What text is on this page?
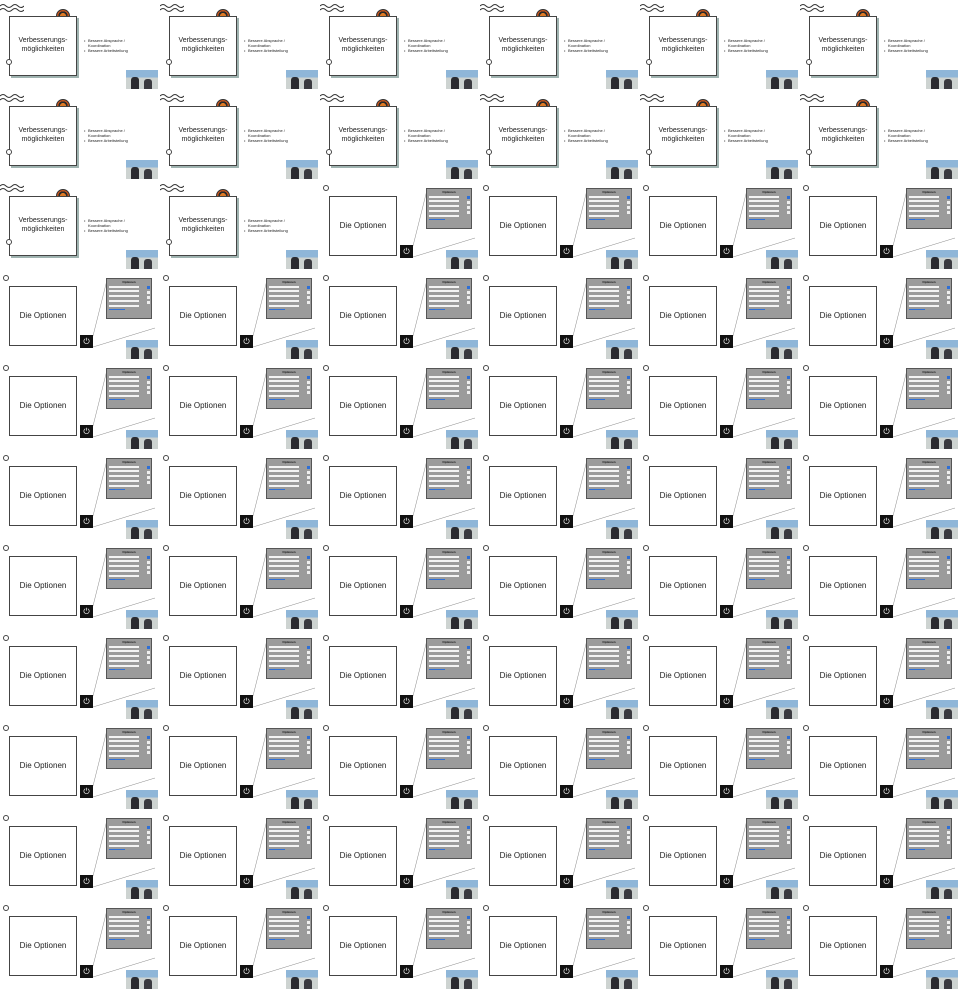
Verbesserungs-
möglichkeiten
• Bessere Absprache / Koordination
• Bessere Arbeitsteilung
Verbesserungs-
möglichkeiten
• Bessere Absprache / Koordination
• Bessere Arbeitsteilung
Verbesserungs-
möglichkeiten
• Bessere Absprache / Koordination
• Bessere Arbeitsteilung
Verbesserungs-
möglichkeiten
• Bessere Absprache / Koordination
• Bessere Arbeitsteilung
Verbesserungs-
möglichkeiten
• Bessere Absprache / Koordination
• Bessere Arbeitsteilung
Verbesserungs-
möglichkeiten
• Bessere Absprache / Koordination
• Bessere Arbeitsteilung
Verbesserungs-
möglichkeiten
• Bessere Absprache / Koordination
• Bessere Arbeitsteilung
Verbesserungs-
möglichkeiten
• Bessere Absprache / Koordination
• Bessere Arbeitsteilung
Verbesserungs-
möglichkeiten
• Bessere Absprache / Koordination
• Bessere Arbeitsteilung
Verbesserungs-
möglichkeiten
• Bessere Absprache / Koordination
• Bessere Arbeitsteilung
Verbesserungs-
möglichkeiten
• Bessere Absprache / Koordination
• Bessere Arbeitsteilung
Verbesserungs-
möglichkeiten
• Bessere Absprache / Koordination
• Bessere Arbeitsteilung
Verbesserungs-
möglichkeiten
• Bessere Absprache / Koordination
• Bessere Arbeitsteilung
Verbesserungs-
möglichkeiten
• Bessere Absprache / Koordination
• Bessere Arbeitsteilung
Die Optionen
Optionen
⏻
Die Optionen
Optionen
⏻
Die Optionen
Optionen
⏻
Die Optionen
Optionen
⏻
Die Optionen
Optionen
⏻
Die Optionen
Optionen
⏻
Die Optionen
Optionen
⏻
Die Optionen
Optionen
⏻
Die Optionen
Optionen
⏻
Die Optionen
Optionen
⏻
Die Optionen
Optionen
⏻
Die Optionen
Optionen
⏻
Die Optionen
Optionen
⏻
Die Optionen
Optionen
⏻
Die Optionen
Optionen
⏻
Die Optionen
Optionen
⏻
Die Optionen
Optionen
⏻
Die Optionen
Optionen
⏻
Die Optionen
Optionen
⏻
Die Optionen
Optionen
⏻
Die Optionen
Optionen
⏻
Die Optionen
Optionen
⏻
Die Optionen
Optionen
⏻
Die Optionen
Optionen
⏻
Die Optionen
Optionen
⏻
Die Optionen
Optionen
⏻
Die Optionen
Optionen
⏻
Die Optionen
Optionen
⏻
Die Optionen
Optionen
⏻
Die Optionen
Optionen
⏻
Die Optionen
Optionen
⏻
Die Optionen
Optionen
⏻
Die Optionen
Optionen
⏻
Die Optionen
Optionen
⏻
Die Optionen
Optionen
⏻
Die Optionen
Optionen
⏻
Die Optionen
Optionen
⏻
Die Optionen
Optionen
⏻
Die Optionen
Optionen
⏻
Die Optionen
Optionen
⏻
Die Optionen
Optionen
⏻
Die Optionen
Optionen
⏻
Die Optionen
Optionen
⏻
Die Optionen
Optionen
⏻
Die Optionen
Optionen
⏻
Die Optionen
Optionen
⏻
Die Optionen
Optionen
⏻
Die Optionen
Optionen
⏻
Die Optionen
Optionen
⏻
Die Optionen
Optionen
⏻
Die Optionen
Optionen
⏻
Die Optionen
Optionen
⏻
